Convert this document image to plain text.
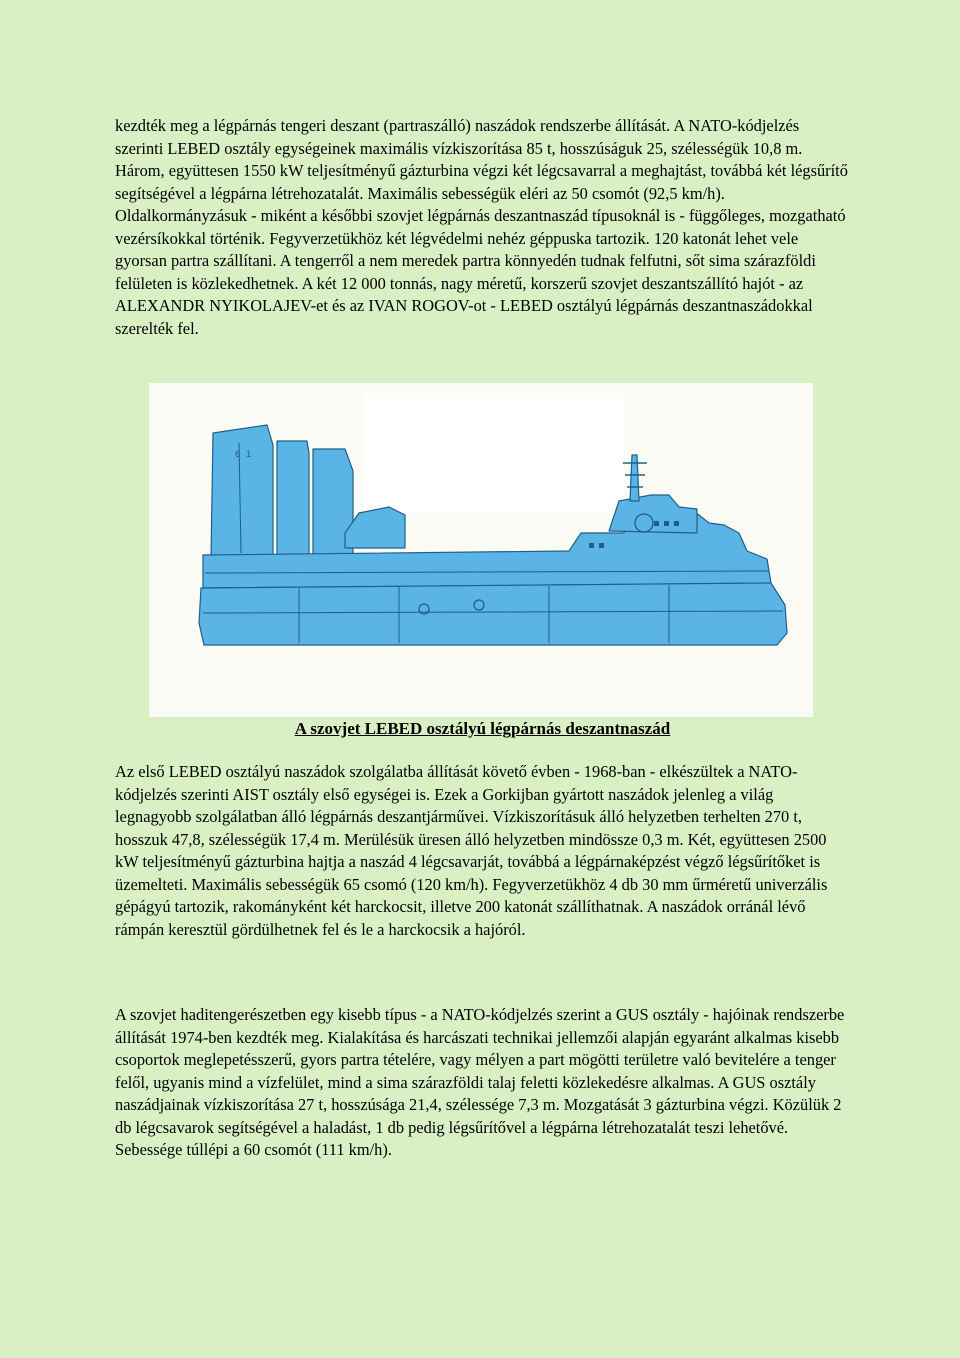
kezdték meg a légpárnás tengeri deszant (partraszálló) naszádok rendszerbe állítását. A NATO-kódjelzés szerinti LEBED osztály egységeinek maximális vízkiszorítása 85 t, hosszúságuk 25, szélességük 10,8 m. Három, együttesen 1550 kW teljesítményű gázturbina végzi két légcsavarral a meghajtást, továbbá két légsűrítő segítségével a légpárna létrehozatalát. Maximális sebességük eléri az 50 csomót (92,5 km/h). Oldalkormányzásuk - miként a későbbi szovjet légpárnás deszantnaszád típusoknál is - függőleges, mozgatható vezérsíkokkal történik. Fegyverzetükhöz két légvédelmi nehéz géppuska tartozik. 120 katonát lehet vele gyorsan partra szállítani. A tengerről a nem meredek partra könnyedén tudnak felfutni, sőt sima szárazföldi felületen is közlekedhetnek. A két 12 000 tonnás, nagy méretű, korszerű szovjet deszantszállító hajót - az ALEXANDR NYIKOLAJEV-et és az IVAN ROGOV-ot - LEBED osztályú légpárnás deszantnaszádokkal szerelték fel.

6 1
A szovjet LEBED osztályú légpárnás deszantnaszád

Az első LEBED osztályú naszádok szolgálatba állítását követő évben - 1968-ban - elkészültek a NATO-kódjelzés szerinti AIST osztály első egységei is. Ezek a Gorkijban gyártott naszádok jelenleg a világ legnagyobb szolgálatban álló légpárnás deszantjárművei. Vízkiszorításuk álló helyzetben terhelten 270 t, hosszuk 47,8, szélességük 17,4 m. Merülésük üresen álló helyzetben mindössze 0,3 m. Két, együttesen 2500 kW teljesítményű gázturbina hajtja a naszád 4 légcsavarját, továbbá a légpárnaképzést végző légsűrítőket is üzemelteti. Maximális sebességük 65 csomó (120 km/h). Fegyverzetükhöz 4 db 30 mm űrméretű univerzális gépágyú tartozik, rakományként két harckocsit, illetve 200 katonát szállíthatnak. A naszádok orránál lévő rámpán keresztül gördülhetnek fel és le a harckocsik a hajóról.

A szovjet haditengerészetben egy kisebb típus - a NATO-kódjelzés szerint a GUS osztály - hajóinak rendszerbe állítását 1974-ben kezdték meg. Kialakítása és harcászati technikai jellemzői alapján egyaránt alkalmas kisebb csoportok meglepetésszerű, gyors partra tételére, vagy mélyen a part mögötti területre való bevitelére a tenger felől, ugyanis mind a vízfelület, mind a sima szárazföldi talaj feletti közlekedésre alkalmas. A GUS osztály naszádjainak vízkiszorítása 27 t, hosszúsága 21,4, szélessége 7,3 m. Mozgatását 3 gázturbina végzi. Közülük 2 db légcsavarok segítségével a haladást, 1 db pedig légsűrítővel a légpárna létrehozatalát teszi lehetővé. Sebessége túllépi a 60 csomót (111 km/h).
